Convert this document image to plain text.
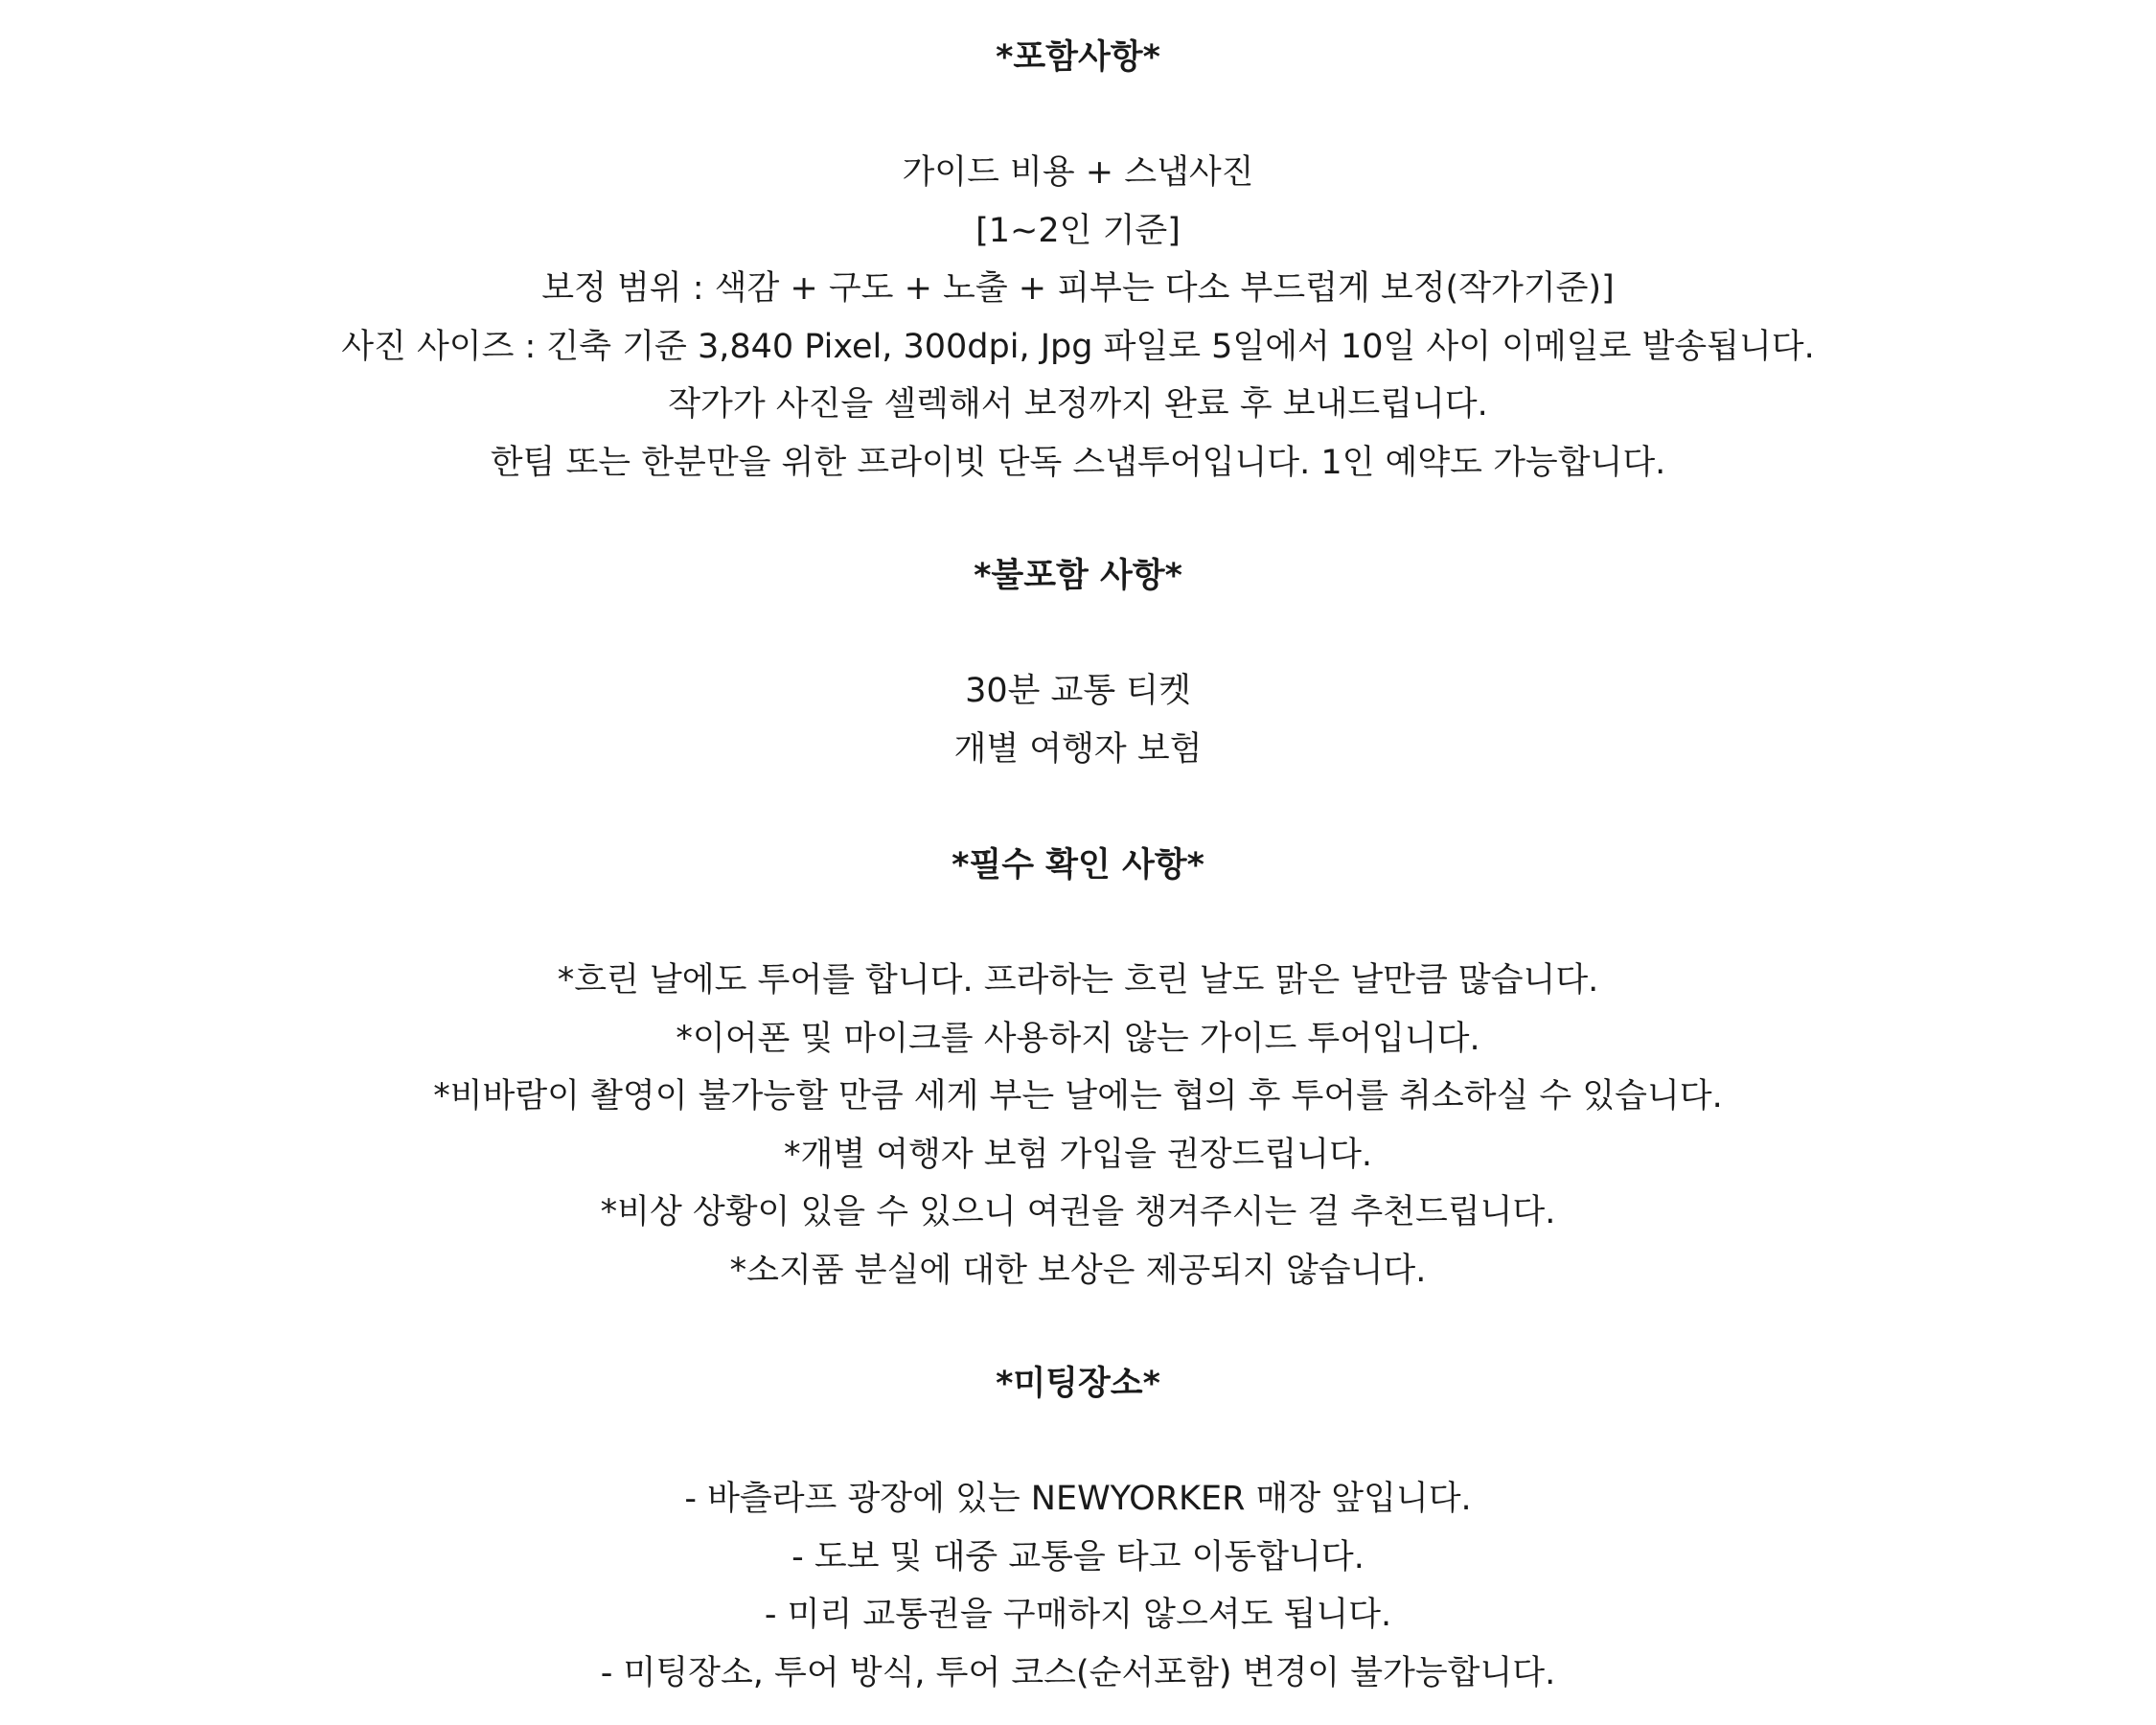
*포함사항*
가이드 비용 + 스냅사진
[1~2인 기준]
보정 범위 : 색감 + 구도 + 노출 + 피부는 다소 부드럽게 보정(작가기준)]
사진 사이즈 : 긴축 기준 3,840 Pixel, 300dpi, Jpg 파일로 5일에서 10일 사이 이메일로 발송됩니다.
작가가 사진을 셀렉해서 보정까지 완료 후 보내드립니다.
한팀 또는 한분만을 위한 프라이빗 단독 스냅투어입니다. 1인 예약도 가능합니다.
*불포함 사항*
30분 교통 티켓
개별 여행자 보험
*필수 확인 사항*
*흐린 날에도 투어를 합니다. 프라하는 흐린 날도 맑은 날만큼 많습니다.
*이어폰 및 마이크를 사용하지 않는 가이드 투어입니다.
*비바람이 촬영이 불가능할 만큼 세게 부는 날에는 협의 후 투어를 취소하실 수 있습니다.
*개별 여행자 보험 가입을 권장드립니다.
*비상 상황이 있을 수 있으니 여권을 챙겨주시는 걸 추천드립니다.
*소지품 분실에 대한 보상은 제공되지 않습니다.
*미팅장소*
- 바츨라프 광장에 있는 NEWYORKER 매장 앞입니다.
- 도보 및 대중 교통을 타고 이동합니다.
- 미리 교통권을 구매하지 않으셔도 됩니다.
- 미팅장소, 투어 방식, 투어 코스(순서포함) 변경이 불가능합니다.
